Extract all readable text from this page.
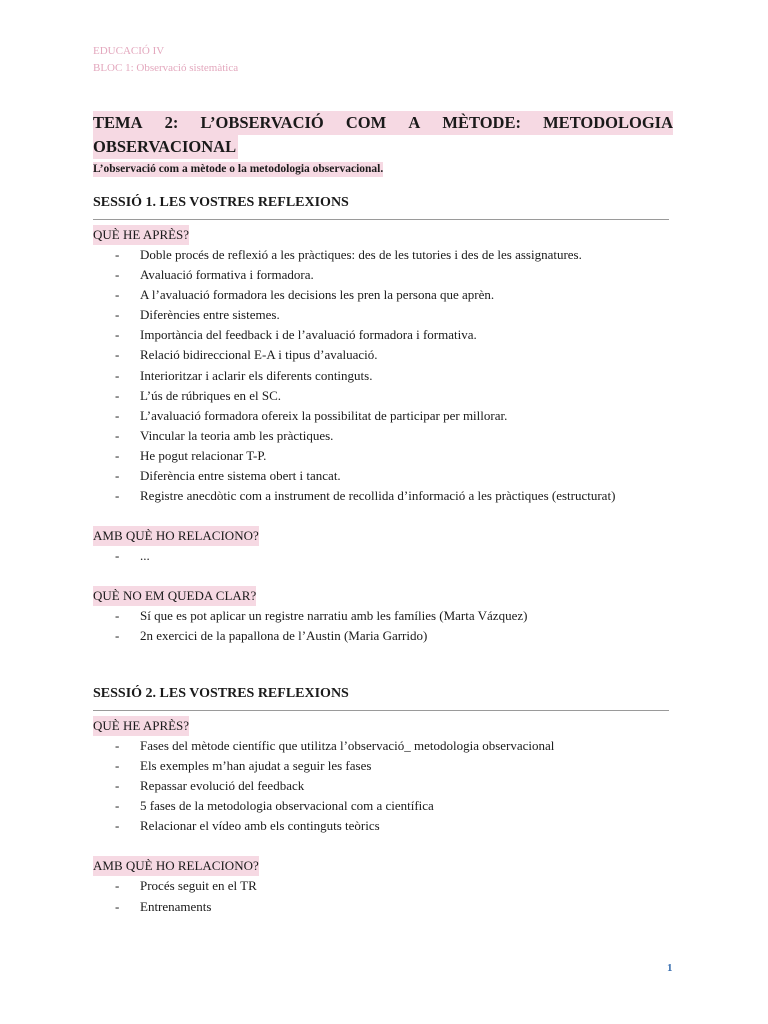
EDUCACIÓ IV
BLOC 1: Observació sistemàtica
TEMA 2: L’OBSERVACIÓ COM A MÈTODE: METODOLOGIA
OBSERVACIONAL
L’observació com a mètode o la metodologia observacional.
SESSIÓ 1. LES VOSTRES REFLEXIONS
QUÈ HE APRÈS?
- Doble procés de reflexió a les pràctiques: des de les tutories i des de les assignatures.
- Avaluació formativa i formadora.
- A l’avaluació formadora les decisions les pren la persona que aprèn.
- Diferències entre sistemes.
- Importància del feedback i de l’avaluació formadora i formativa.
- Relació bidireccional E-A i tipus d’avaluació.
- Interioritzar i aclarir els diferents continguts.
- L’ús de rúbriques en el SC.
- L’avaluació formadora ofereix la possibilitat de participar per millorar.
- Vincular la teoria amb les pràctiques.
- He pogut relacionar T-P.
- Diferència entre sistema obert i tancat.
- Registre anecdòtic com a instrument de recollida d’informació a les pràctiques (estructurat)
AMB QUÈ HO RELACIONO?
- ...
QUÈ NO EM QUEDA CLAR?
- Sí que es pot aplicar un registre narratiu amb les famílies (Marta Vázquez)
- 2n exercici de la papallona de l’Austin (Maria Garrido)
SESSIÓ 2. LES VOSTRES REFLEXIONS
QUÈ HE APRÈS?
- Fases del mètode científic que utilitza l’observació_ metodologia observacional
- Els exemples m’han ajudat a seguir les fases
- Repassar evolució del feedback
- 5 fases de la metodologia observacional com a científica
- Relacionar el vídeo amb els continguts teòrics
AMB QUÈ HO RELACIONO?
- Procés seguit en el TR
- Entrenaments
1
